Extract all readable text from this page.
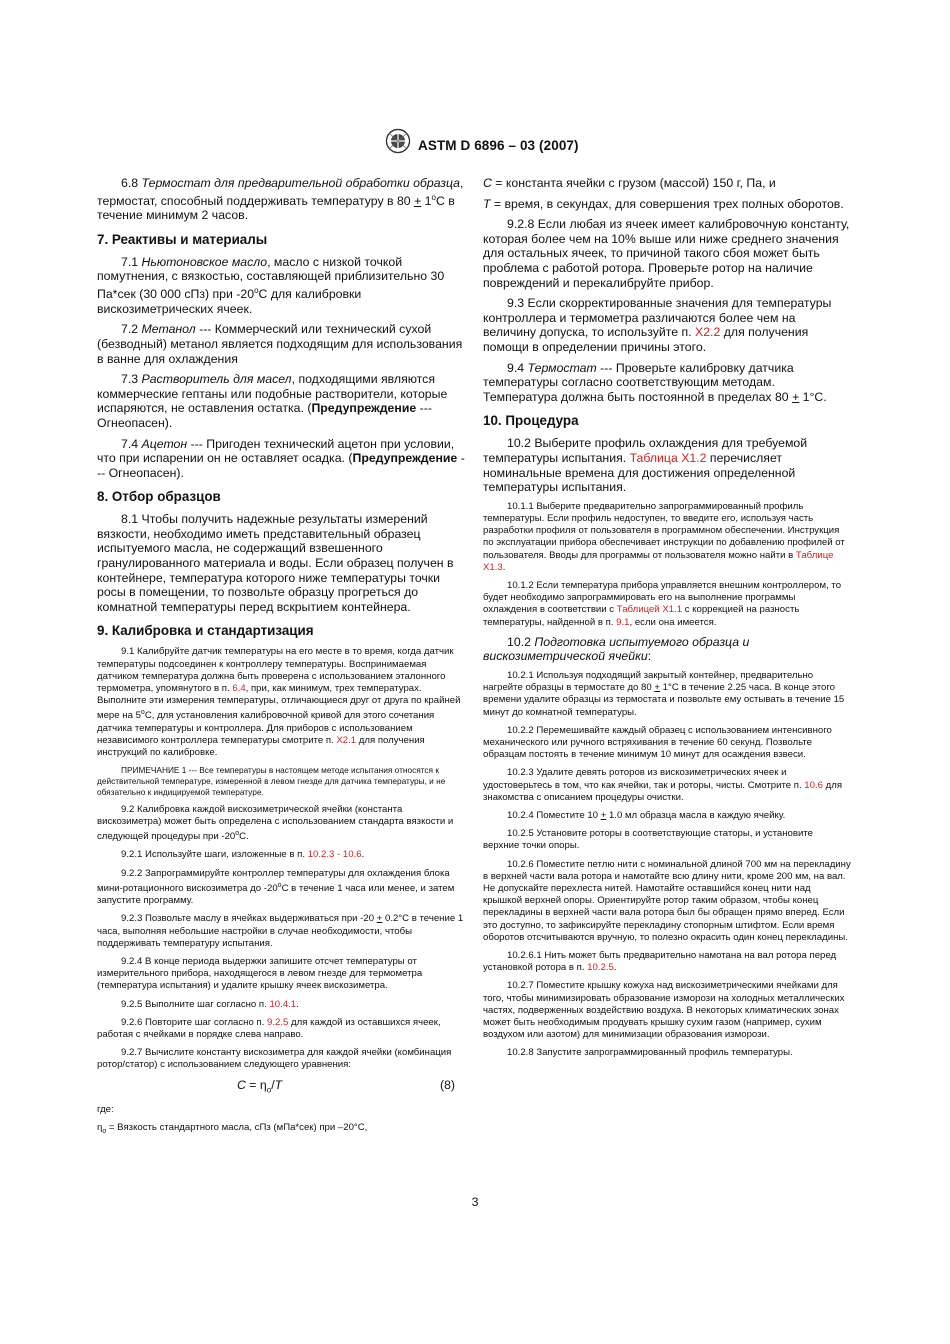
ASTM D 6896 – 03 (2007)

6.8 Термостат для предварительной обработки образца, термостат, способный поддерживать температуру в $80 + 1^oC$ в течение минимум 2 часов.

7. Реактивы и материалы

7.1 Ньютоновское масло, масло с низкой точкой помутнения, с вязкостью, составляющей приблизительно 30 Па*сек (30 000 сПз) при -20$^o$C для калибровки вискозиметрических ячеек.

7.2 Метанол --- Коммерческий или технический сухой (безводный) метанол является подходящим для использования в ванне для охлаждения

7.3 Растворитель для масел, подходящими являются коммерческие гептаны или подобные растворители, которые испаряются, не оставления остатка. (Предупреждение --- Огнеопасен).

7.4 Ацетон --- Пригоден технический ацетон при условии, что при испарении он не оставляет осадка. (Предупреждение --- Огнеопасен).

8. Отбор образцов

8.1 Чтобы получить надежные результаты измерений вязкости, необходимо иметь представительный образец испытуемого масла, не содержащий взвешенного гранулированного материала и воды. Если образец получен в контейнере, температура которого ниже температуры точки росы в помещении, то позвольте образцу прогреться до комнатной температуры перед вскрытием контейнера.

9. Калибровка и стандартизация

9.1 Калибруйте датчик температуры на его месте в то время, когда датчик температуры подсоединен к контроллеру температуры. Воспринимаемая датчиком температура должна быть проверена с использованием эталонного термометра, упомянутого в п. 6.4, при, как минимум, трех температурах. Выполните эти измерения температуры, отличающиеся друг от друга по крайней мере на 5$^o$C, для установления калибровочной кривой для этого сочетания датчика температуры и контроллера. Для приборов с использованием независимого контроллера температуры смотрите п. X2.1 для получения инструкций по калибровке.

ПРИМЕЧАНИЕ 1 --- Все температуры в настоящем методе испытания относятся к действительной температуре, измеренной в левом гнезде для датчика температуры, и не обязательно к индицируемой температуре.

9.2 Калибровка каждой вискозиметрической ячейки (константа вискозиметра) может быть определена с использованием стандарта вязкости и следующей процедуры при -20$^o$C.

9.2.1 Используйте шаги, изложенные в п. 10.2.3 - 10.6.

9.2.2 Запрограммируйте контроллер температуры для охлаждения блока мини-ротационного вискозиметра до -20$^o$C в течение 1 часа или менее, и затем запустите программу.

9.2.3 Позвольте маслу в ячейках выдерживаться при -20 + 0.2°C в течение 1 часа, выполняя небольшие настройки в случае необходимости, чтобы поддерживать температуру испытания.

9.2.4 В конце периода выдержки запишите отсчет температуры от измерительного прибора, находящегося в левом гнезде для термометра (температура испытания) и удалите крышку ячеек вискозиметра.

9.2.5 Выполните шаг согласно п. 10.4.1.

9.2.6 Повторите шаг согласно п. 9.2.5 для каждой из оставшихся ячеек, работая с ячейками в порядке слева направо.

9.2.7 Вычислите константу вискозиметра для каждой ячейки (комбинация ротор/статор) с использованием следующего уравнения:

$C = \eta_o/T$	(8)

где:

$\eta_o$ = Вязкость стандартного масла, сПз (мПа*сек) при –20°C,

C = константа ячейки с грузом (массой) 150 г, Па, и

T = время, в секундах, для совершения трех полных оборотов.

9.2.8 Если любая из ячеек имеет калибровочную константу, которая более чем на 10% выше или ниже среднего значения для остальных ячеек, то причиной такого сбоя может быть проблема с работой ротора. Проверьте ротор на наличие повреждений и перекалибруйте прибор.

9.3 Если скорректированные значения для температуры контроллера и термометра различаются более чем на величину допуска, то используйте п. X2.2 для получения помощи в определении причины этого.

9.4 Термостат --- Проверьте калибровку датчика температуры согласно соответствующим методам. Температура должна быть постоянной в пределах 80 + 1°C.

10. Процедура

10.2 Выберите профиль охлаждения для требуемой температуры испытания. Таблица X1.2 перечисляет номинальные времена для достижения определенной температуры испытания.

10.1.1 Выберите предварительно запрограммированный профиль температуры. Если профиль недоступен, то введите его, используя часть разработки профиля от пользователя в программном обеспечении. Инструкция по эксплуатации прибора обеспечивает инструкции по добавлению профилей от пользователя. Вводы для программы от пользователя можно найти в Таблице X1.3.

10.1.2 Если температура прибора управляется внешним контроллером, то будет необходимо запрограммировать его на выполнение программы охлаждения в соответствии с Таблицей X1.1 с коррекцией на разность температуры, найденной в п. 9.1, если она имеется.

10.2 Подготовка испытуемого образца и вискозиметрической ячейки:

10.2.1 Используя подходящий закрытый контейнер, предварительно нагрейте образцы в термостате до 80 + 1°C в течение 2.25 часа. В конце этого времени удалите образцы из термостата и позвольте ему остывать в течение 15 минут до комнатной температуры.

10.2.2 Перемешивайте каждый образец с использованием интенсивного механического или ручного встряхивания в течение 60 секунд. Позвольте образцам постоять в течение минимум 10 минут для осаждения взвеси.

10.2.3 Удалите девять роторов из вискозиметрических ячеек и удостоверьтесь в том, что как ячейки, так и роторы, чисты. Смотрите п. 10.6 для знакомства с описанием процедуры очистки.

10.2.4 Поместите 10 + 1.0 мл образца масла в каждую ячейку.

10.2.5 Установите роторы в соответствующие статоры, и установите верхние точки опоры.

10.2.6 Поместите петлю нити с номинальной длиной 700 мм на перекладину в верхней части вала ротора и намотайте всю длину нити, кроме 200 мм, на вал. Не допускайте перехлеста нитей. Намотайте оставшийся конец нити над крышкой верхней опоры. Ориентируйте ротор таким образом, чтобы конец перекладины в верхней части вала ротора был бы обращен прямо вперед. Если это доступно, то зафиксируйте перекладину стопорным штифтом. Если время оборотов отсчитываются вручную, то полезно окрасить один конец перекладины.

10.2.6.1 Нить может быть предварительно намотана на вал ротора перед установкой ротора в п. 10.2.5.

10.2.7 Поместите крышку кожуха над вискозиметрическими ячейками для того, чтобы минимизировать образование изморози на холодных металлических частях, подверженных воздействию воздуха. В некоторых климатических зонах может быть необходимым продувать крышку сухим газом (например, сухим воздухом или азотом) для минимизации образования изморози.

10.2.8 Запустите запрограммированный профиль температуры.

3
